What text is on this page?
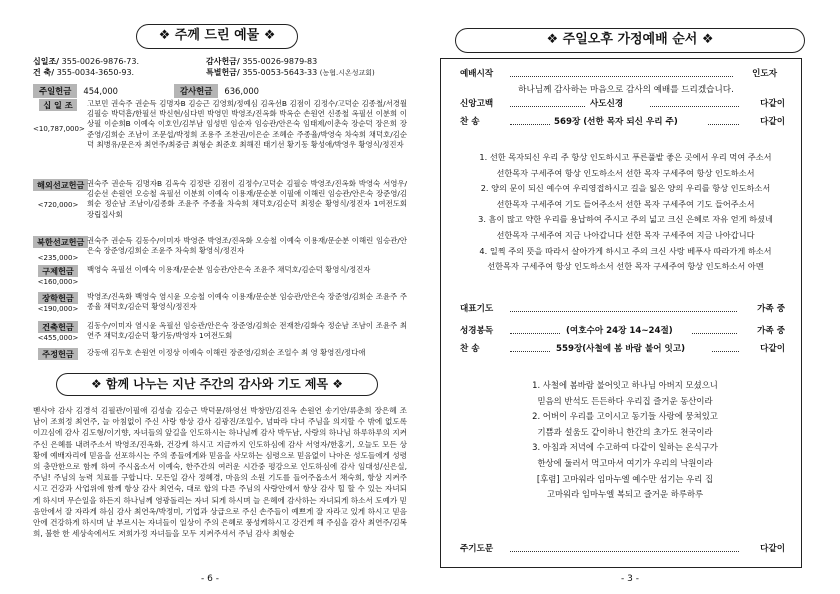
❖ 주께 드린 예물 ❖
십일조/ 355-0026-9876-73.	감사헌금/ 355-0026-9879-83
건 축/ 355-0034-3650-93.	특별헌금/ 355-0053-5643-33 (농협.시온성교회)
주일헌금 454,000	감사헌금 636,000
십 일 조
<10,787,000>
고보민 권숙주 권순득 김명자B 김승근 김영희/정예심 김옥선B 김점이 김정수/고덕순 김종철/서경월 김필승 박덕흠/한필선 박신현/심다빈 박영민 박영조/진옥화 박옥순 손원연 신종철 옥필선 이분희 이상필 이순희B 이예숙 이호인/김부남 임성빈 임순자 임승관/안은숙 임태제/이춘숙 장순덕 장은희 장준영/김희순 조남이 조문섭/박정희 조용주 조찬권/이은순 조혜순 주종율/박영숙 차숙희 채덕호/김순덕 최병유/문은자 최연주/최중금 최형순 최준호 최해진 태기선 황기동 황성애/박영우 황영식/정진자
해외선교헌금
<720,000>
권숙주 권순득 김명자B 김옥숙 김정란 김점이 김정수/고덕순 김필승 박영조/진옥화 박영숙 서영우/김순선 손원연 오승철 옥필선 이분희 이예숙 이용재/문순분 이필애 이해린 임승관/안은숙 장준영/김희순 정순남 조남이/김종화 조윤주 주종율 차숙희 채덕호/김순덕 최정순 황영식/정진자 1여전도회 장립집사회
북한선교헌금
<235,000>
권숙주 권순득 김동수/이미자 박영준 박영조/진옥화 오승철 이예숙 이용재/문순분 이해린 임승관/안은숙 장준영/김희순 조윤주 차숙희 황영식/정진자
구제헌금
<160,000>
백영숙 옥필선 이예숙 이용재/문순분 임승관/안은숙 조윤주 채덕호/김순덕 황영식/정진자
장학헌금
<190,000>
박영조/진옥화 백영숙 염시윤 오승철 이예숙 이용재/문순분 임승관/안은숙 장준영/김희순 조윤주 주종율 채덕호/김순덕 황영식/정진자
건축헌금
<455,000>
김동수/이미자 염시윤 옥필선 임승관/안은숙 장준영/김희순 전재찬/김화숙 정순남 조남이 조윤주 최연주 채덕호/김순덕 황기동/박영자 1여전도회
주정헌금	강동애 김두호 손원연 이정상 이예숙 이해린 장준영/김희순 조일수 최 영 황영진/정다애
❖ 함께 나누는 지난 주간의 감사와 기도 제목 ❖
벧사야 감사 김경석 김필관/이필애 김성술 김승근 박덕문/하영선 박창만/김진옥 손원연 송기안/류춘희 장은혜 조남이 조희정 최연주, 늘 아침없이 주신 사랑 항상 감사 김광진/조일수, 넘따라 다녀 주님을 의지할 수 밖에 없도록 이끄심에 감사 김도형/이기향, 자녀들의 앞길을 인도하시는 하나님께 감사 박두남, 사랑의 하나님 하루하루의 지켜주신 은혜를 내려주소서 박영조/진옥화, 건강케 하시고 지금까지 인도하심에 감사 서영자/한홍기, 오늘도 모든 상황에 예배자리에 믿음을 선포하시는 주의 종들에게와 믿음을 사모하는 심령으로 믿음없이 나아온 성도들에게 성령의 충만한으로 함께 하여 주시옵소서 이예숙, 한주간의 여러운 시간중 평강으로 인도하심에 감사 임대성/신은실, 주님! 주님의 능력 치료를 구합니다. 모든일 감사 정혜경, 마음의 소원 기도를 들어주옵소서 채숙희, 항상 지켜주시고 건강과 사업위에 함께 항상 감사 최연숙, 대로 합의 다른 주님의 사랑안에서 항상 감사 힐 할 수 있는 자녀되게 하시며 무슨일을 하든지 하나님께 영광돌리는 자녀 되게 하시며 늘 은혜에 감사하는 자녀되게 하소서 도예가 믿음안에서 잘 자라게 하심 감사 최연옥/박정미, 기업과 상급으로 주신 손주들이 예쁘게 잘 자라고 있게 하시고 믿음 안에 건강하게 하시며 날 부르시는 자녀들이 일상이 주의 은혜로 풍성케하시고 강건케 해 주심을 감사 최연주/김복희, 불한 한 세상속에서도 저희가정 자녀들을 모두 지켜주셔서 주님 감사 최형순
- 6 -
❖ 주일오후 가정예배 순서 ❖
예배시작	인도자
하나님께 감사하는 마음으로 감사의 예배를 드리겠습니다.
신앙고백	사도신경	다같이
찬 송	569장 (선한 목자 되신 우리 주)	다같이
1. 선한 목자되신 우리 주 항상 인도하시고 푸른풀밭 좋은 곳에서 우리 먹여 주소서
선한목자 구세주여 항상 인도하소서 선한 목자 구세주여 항상 인도하소서
2. 양의 문이 되신 예수여 우리영접하시고 길을 잃은 양의 우리를 항상 인도하소서
선한목자 구세주여 기도 들어주소서 선한 목자 구세주여 기도 들어주소서
3. 흠이 많고 약한 우리를 용납하여 주시고 주의 넓고 크신 은혜로 자유 얻게 하셨네
선한목자 구세주여 지금 나아갑니다 선한 목자 구세주여 지금 나아갑니다
4. 일찍 주의 뜻을 따라서 살아가게 하시고 주의 크신 사랑 베푸사 따라가게 하소서
선한목자 구세주여 항상 인도하소서 선한 목자 구세주여 항상 인도하소서 아멘
대표기도	가족 중
성경봉독	(여호수아 24장 14~24절)	가족 중
찬 송	559장(사철에 봄 바람 불어 잇고)	다같이
1. 사철에 봄바람 불어잇고 하나님 아버지 모셨으니
믿음의 반석도 든든하다 우리집 즐거운 동산이라
2. 어버이 우리를 고이시고 동기들 사랑에 뭉쳐있고
기쁨과 설움도 같이하니 한간의 초가도 천국이라
3. 아침과 저녁에 수고하여 다같이 일하는 온식구가
한상에 둘러서 먹고마셔 여기가 우리의 낙원이라
[후렴] 고마워라 임마누엘 예수만 섬기는 우리 집
고마워라 임마누엘 복되고 즐거운 하루하루
주기도문	다같이
- 3 -
